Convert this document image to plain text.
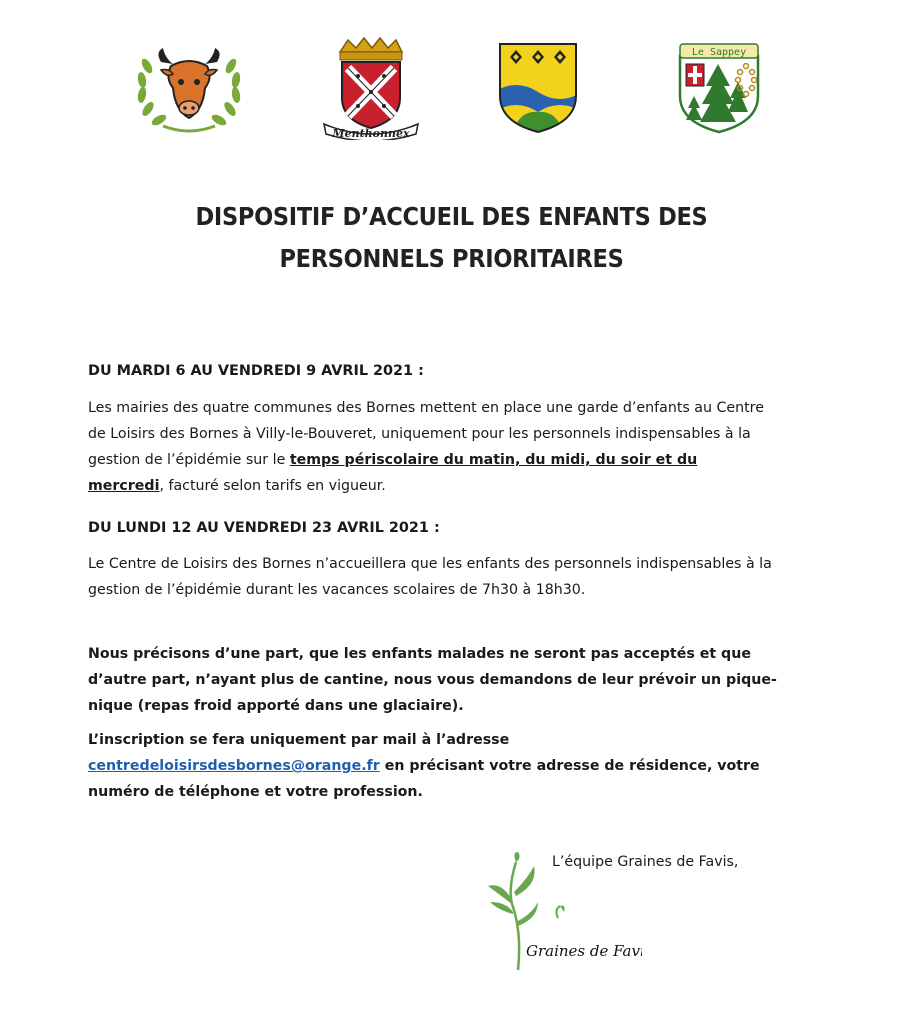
Menthonnex
Le Sappey
DISPOSITIF D’ACCUEIL DES ENFANTS DES
PERSONNELS PRIORITAIRES

DU MARDI 6 AU VENDREDI 9 AVRIL 2021 :

Les mairies des quatre communes des Bornes mettent en place une garde d’enfants au Centre de Loisirs des Bornes à Villy-le-Bouveret, uniquement pour les personnels indispensables à la gestion de l’épidémie sur le temps périscolaire du matin, du midi, du soir et du mercredi, facturé selon tarifs en vigueur.

DU LUNDI 12 AU VENDREDI 23 AVRIL 2021 :

Le Centre de Loisirs des Bornes n’accueillera que les enfants des personnels indispensables à la gestion de l’épidémie durant les vacances scolaires de 7h30 à 18h30.

Nous précisons d’une part, que les enfants malades ne seront pas acceptés et que d’autre part, n’ayant plus de cantine, nous vous demandons de leur prévoir un pique-nique (repas froid apporté dans une glaciaire).

L’inscription se fera uniquement par mail à l’adresse centredeloisirsdesbornes@orange.fr en précisant votre adresse de résidence, votre numéro de téléphone et votre profession.

L’équipe Graines de Favis,
Graines de Favis
